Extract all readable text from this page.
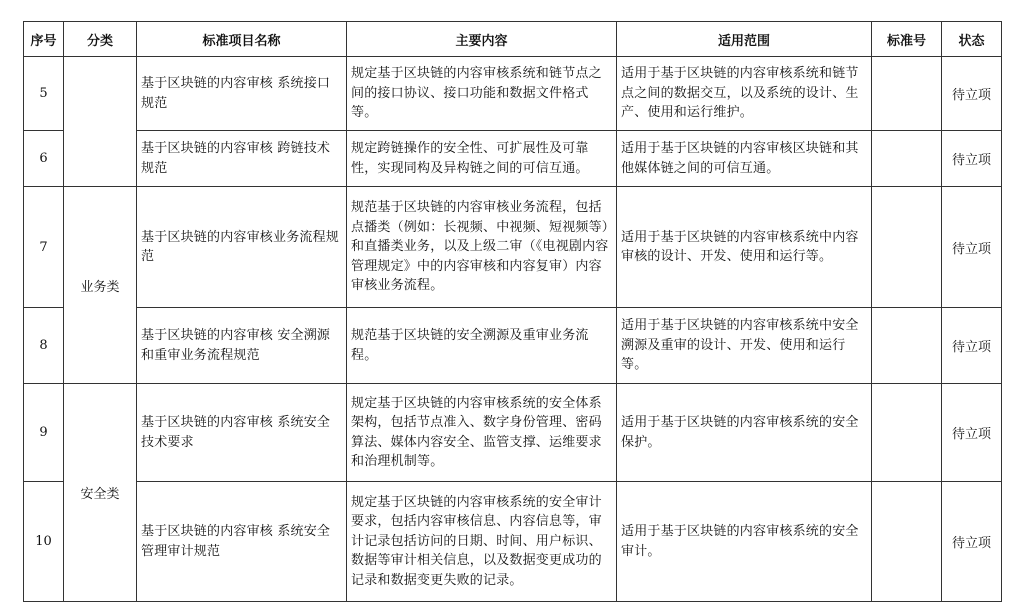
序号	分类	标准项目名称	主要内容	适用范围	标准号	状态
5		基于区块链的内容审核 系统接口规范	规定基于区块链的内容审核系统和链节点之间的接口协议、接口功能和数据文件格式等。	适用于基于区块链的内容审核系统和链节点之间的数据交互，以及系统的设计、生产、使用和运行维护。		待立项
6		基于区块链的内容审核 跨链技术规范	规定跨链操作的安全性、可扩展性及可靠性，实现同构及异构链之间的可信互通。	适用于基于区块链的内容审核区块链和其他媒体链之间的可信互通。		待立项
7	业务类	基于区块链的内容审核业务流程规范	规范基于区块链的内容审核业务流程，包括点播类（例如：长视频、中视频、短视频等）和直播类业务，以及上级二审（《电视剧内容管理规定》中的内容审核和内容复审）内容审核业务流程。	适用于基于区块链的内容审核系统中内容审核的设计、开发、使用和运行等。		待立项
8		基于区块链的内容审核 安全溯源和重审业务流程规范	规范基于区块链的安全溯源及重审业务流程。	适用于基于区块链的内容审核系统中安全溯源及重审的设计、开发、使用和运行等。		待立项
9	安全类	基于区块链的内容审核 系统安全技术要求	规定基于区块链的内容审核系统的安全体系架构，包括节点准入、数字身份管理、密码算法、媒体内容安全、监管支撑、运维要求和治理机制等。	适用于基于区块链的内容审核系统的安全保护。		待立项
10		基于区块链的内容审核 系统安全管理审计规范	规定基于区块链的内容审核系统的安全审计要求，包括内容审核信息、内容信息等，审计记录包括访问的日期、时间、用户标识、数据等审计相关信息，以及数据变更成功的记录和数据变更失败的记录。	适用于基于区块链的内容审核系统的安全审计。		待立项
